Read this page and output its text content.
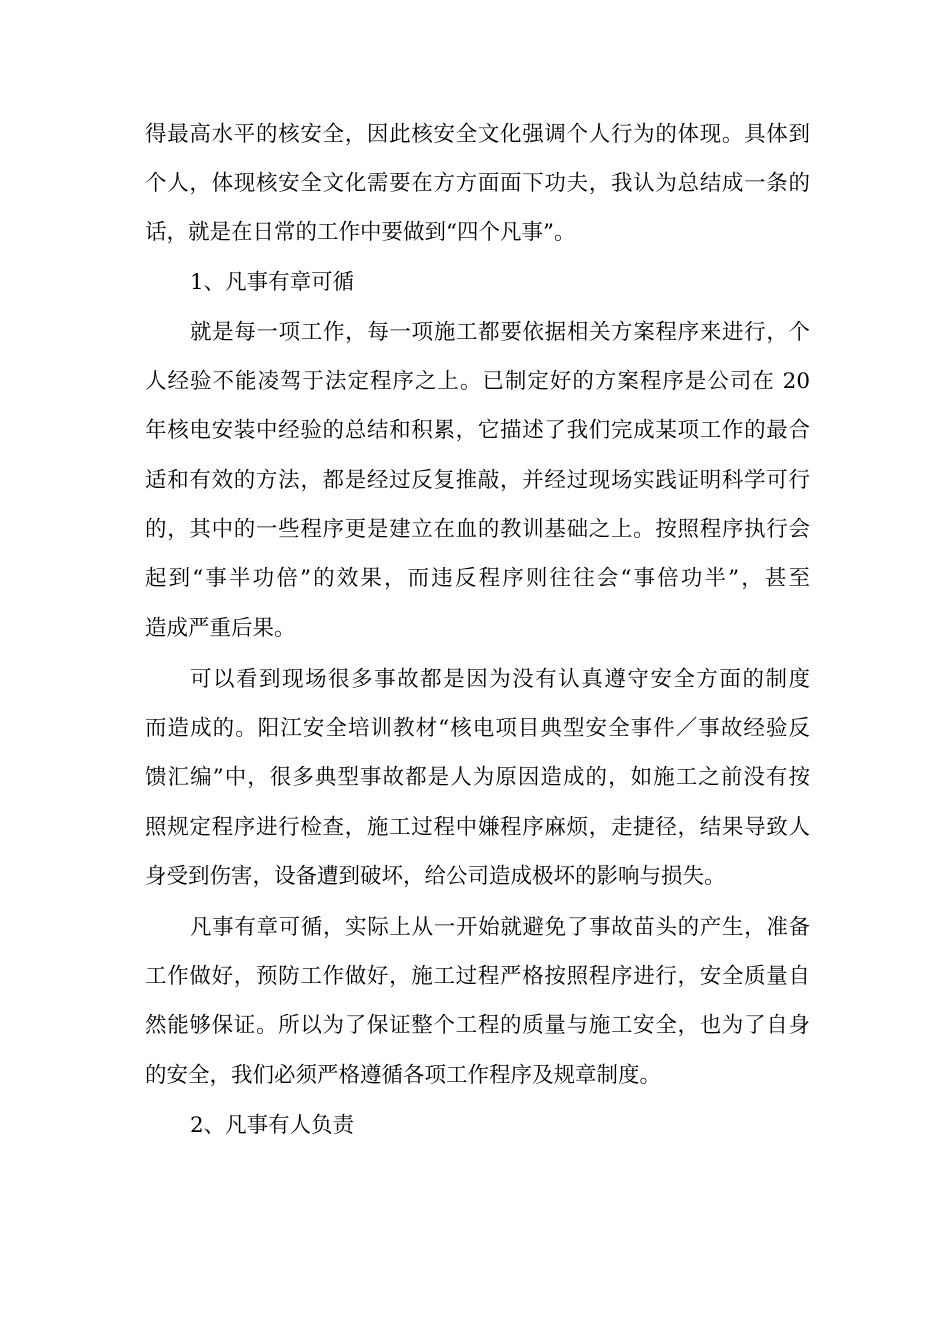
得最高水平的核安全，因此核安全文化强调个人行为的体现。具体到
个人，体现核安全文化需要在方方面面下功夫，我认为总结成一条的
话，就是在日常的工作中要做到“四个凡事”。
1、凡事有章可循
就是每一项工作，每一项施工都要依据相关方案程序来进行，个
人经验不能凌驾于法定程序之上。已制定好的方案程序是公司在 20
年核电安装中经验的总结和积累，它描述了我们完成某项工作的最合
适和有效的方法，都是经过反复推敲，并经过现场实践证明科学可行
的，其中的一些程序更是建立在血的教训基础之上。按照程序执行会
起到“事半功倍”的效果，而违反程序则往往会“事倍功半”，甚至
造成严重后果。
可以看到现场很多事故都是因为没有认真遵守安全方面的制度
而造成的。阳江安全培训教材“核电项目典型安全事件／事故经验反
馈汇编”中，很多典型事故都是人为原因造成的，如施工之前没有按
照规定程序进行检查，施工过程中嫌程序麻烦，走捷径，结果导致人
身受到伤害，设备遭到破坏，给公司造成极坏的影响与损失。
凡事有章可循，实际上从一开始就避免了事故苗头的产生，准备
工作做好，预防工作做好，施工过程严格按照程序进行，安全质量自
然能够保证。所以为了保证整个工程的质量与施工安全，也为了自身
的安全，我们必须严格遵循各项工作程序及规章制度。
2、凡事有人负责
